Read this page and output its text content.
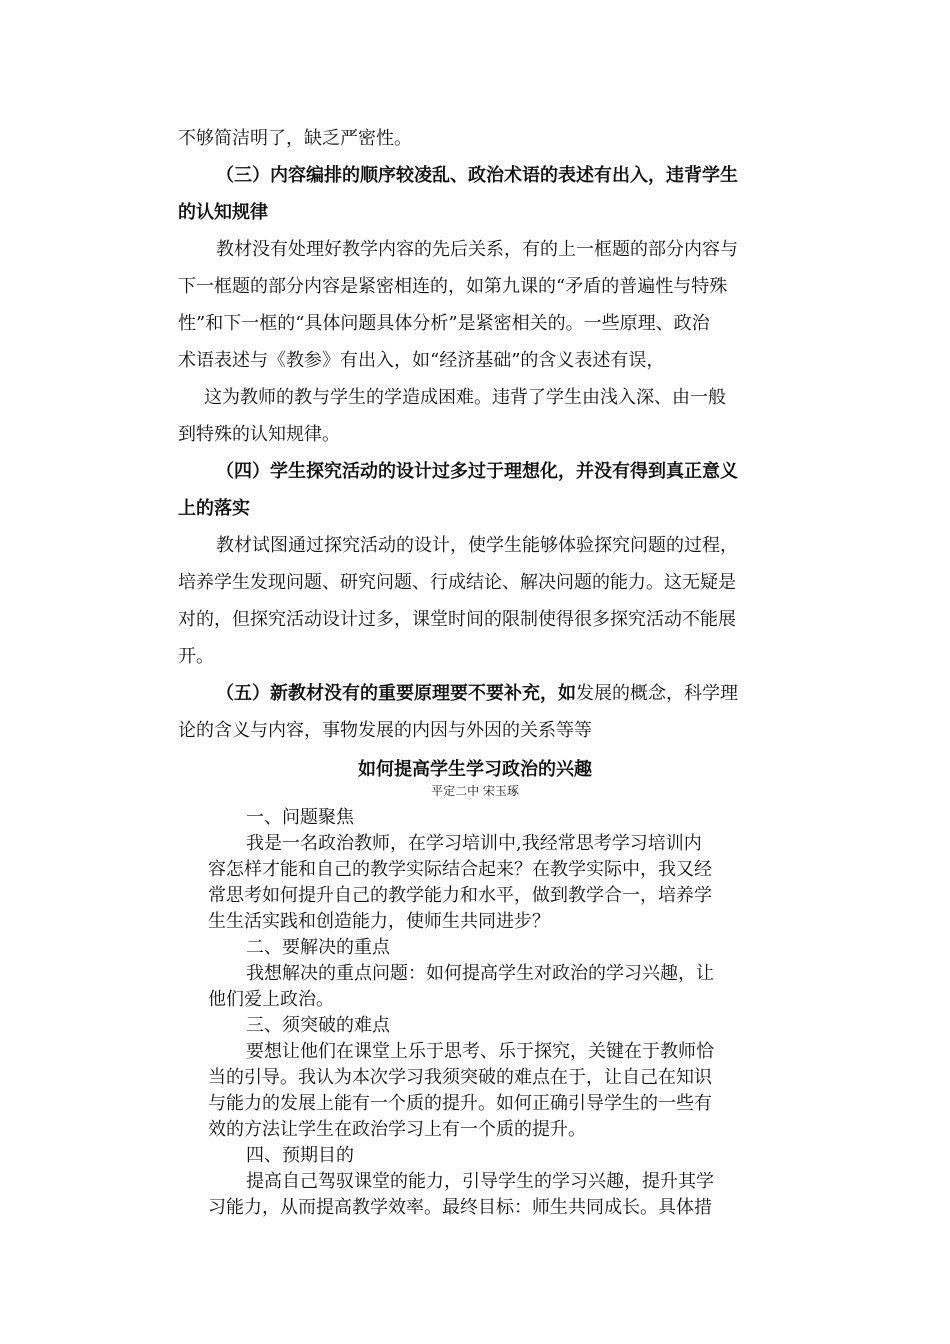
不够简洁明了，缺乏严密性。
（三）内容编排的顺序较凌乱、政治术语的表述有出入，违背学生
的认知规律
教材没有处理好教学内容的先后关系，有的上一框题的部分内容与
下一框题的部分内容是紧密相连的，如第九课的“矛盾的普遍性与特殊
性”和下一框的“具体问题具体分析”是紧密相关的。一些原理、政治
术语表述与《教参》有出入，如“经济基础”的含义表述有误，
这为教师的教与学生的学造成困难。违背了学生由浅入深、由一般
到特殊的认知规律。
（四）学生探究活动的设计过多过于理想化，并没有得到真正意义
上的落实
教材试图通过探究活动的设计，使学生能够体验探究问题的过程，
培养学生发现问题、研究问题、行成结论、解决问题的能力。这无疑是
对的，但探究活动设计过多，课堂时间的限制使得很多探究活动不能展
开。
（五）新教材没有的重要原理要不要补充，如发展的概念，科学理
论的含义与内容，事物发展的内因与外因的关系等等
如何提高学生学习政治的兴趣
平定二中 宋玉琢
一、问题聚焦
我是一名政治教师，在学习培训中,我经常思考学习培训内
容怎样才能和自己的教学实际结合起来？在教学实际中，我又经
常思考如何提升自己的教学能力和水平，做到教学合一，培养学
生生活实践和创造能力，使师生共同进步？
二、要解决的重点
我想解决的重点问题：如何提高学生对政治的学习兴趣，让
他们爱上政治。
三、须突破的难点
要想让他们在课堂上乐于思考、乐于探究，关键在于教师恰
当的引导。我认为本次学习我须突破的难点在于，让自己在知识
与能力的发展上能有一个质的提升。如何正确引导学生的一些有
效的方法让学生在政治学习上有一个质的提升。
四、预期目的
提高自己驾驭课堂的能力，引导学生的学习兴趣，提升其学
习能力，从而提高教学效率。最终目标：师生共同成长。具体措
